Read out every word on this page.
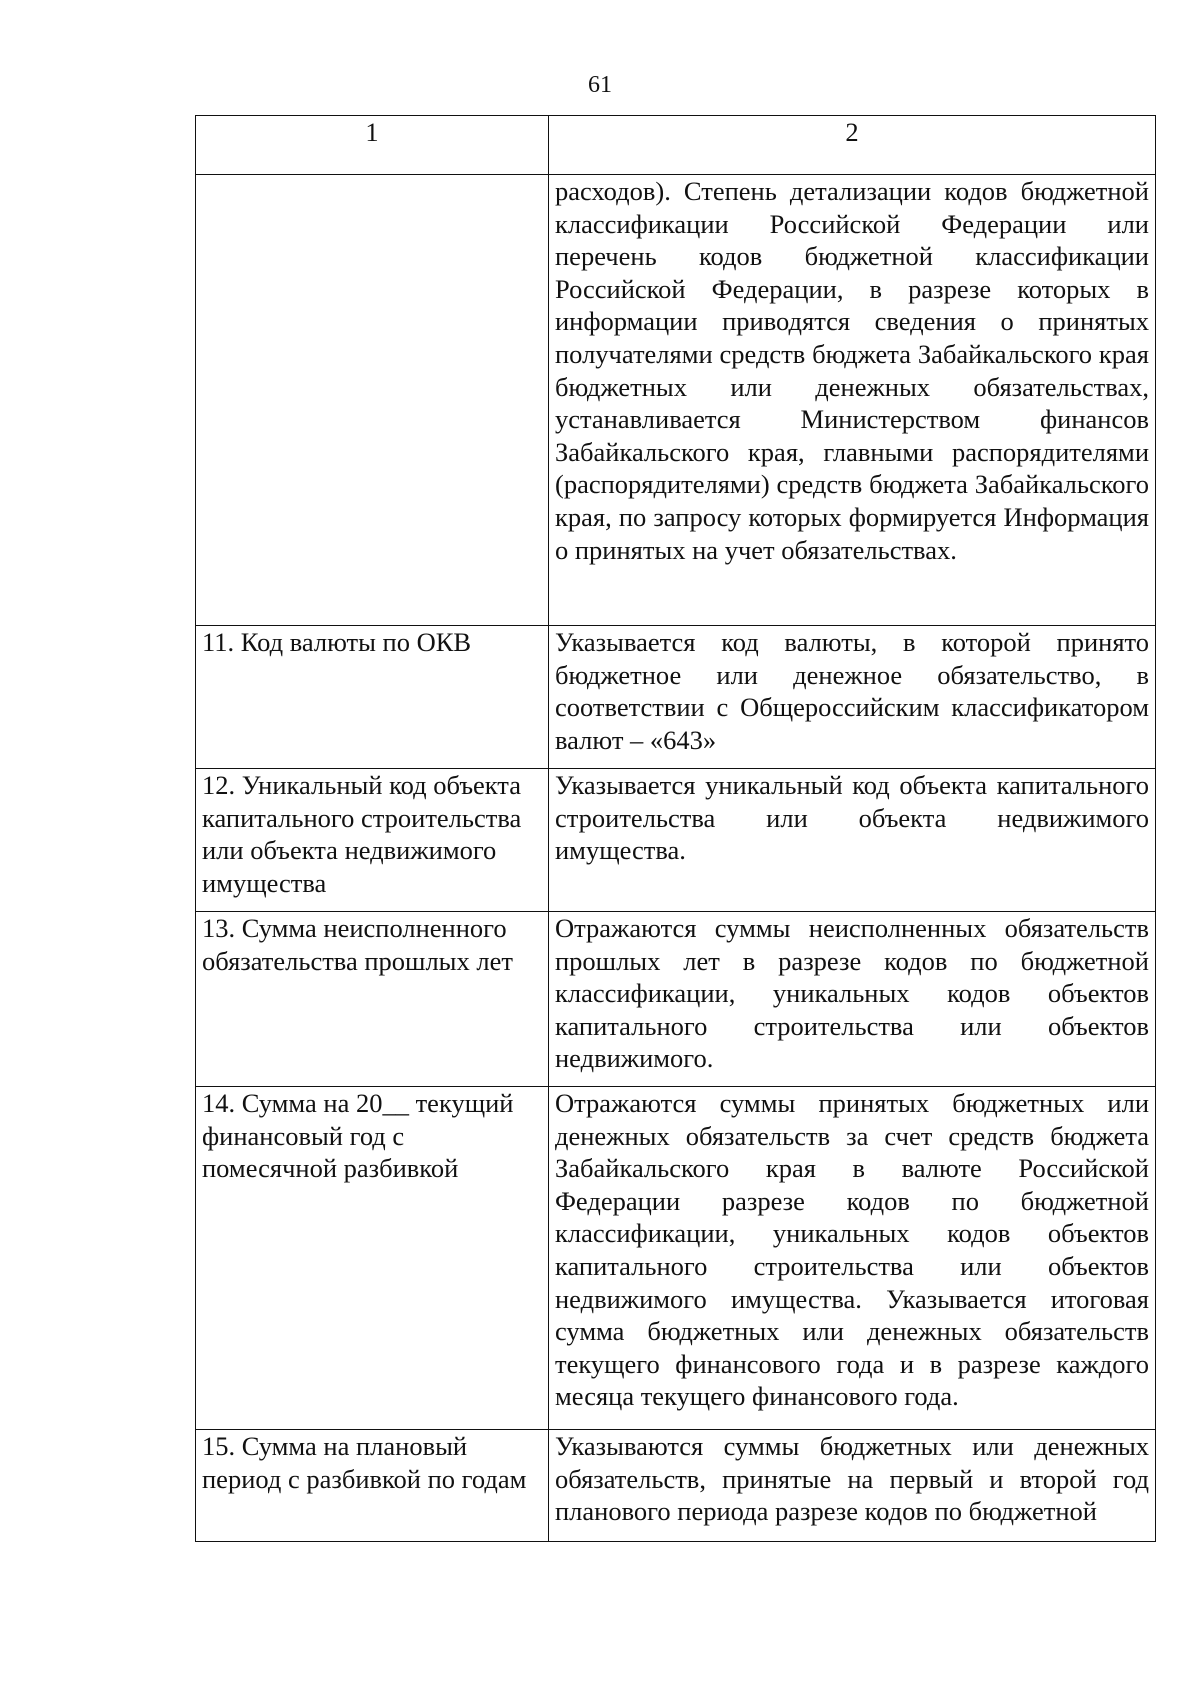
61
1	2
	расходов). Степень детализации кодов бюджетной классификации Российской Федерации или перечень кодов бюджетной классификации Российской Федерации, в разрезе которых в информации приводятся сведения о принятых получателями средств бюджета Забайкальского края бюджетных или денежных обязательствах, устанавливается Министерством финансов Забайкальского края, главными распорядителями (распорядителями) средств бюджета Забайкальского края, по запросу которых формируется Информация о принятых на учет обязательствах.
11. Код валюты по ОКВ	Указывается код валюты, в которой принято бюджетное или денежное обязательство, в соответствии с Общероссийским классификатором валют – «643»
12. Уникальный код объекта капитального строительства или объекта недвижимого имущества	Указывается уникальный код объекта капитального строительства или объекта недвижимого имущества.
13. Сумма неисполненного обязательства прошлых лет	Отражаются суммы неисполненных обязательств прошлых лет в разрезе кодов по бюджетной классификации, уникальных кодов объектов капитального строительства или объектов недвижимого.
14. Сумма на 20__ текущий финансовый год с помесячной разбивкой	Отражаются суммы принятых бюджетных или денежных обязательств за счет средств бюджета Забайкальского края в валюте Российской Федерации разрезе кодов по бюджетной классификации, уникальных кодов объектов капитального строительства или объектов недвижимого имущества. Указывается итоговая сумма бюджетных или денежных обязательств текущего финансового года и в разрезе каждого месяца текущего финансового года.
15. Сумма на плановый период с разбивкой по годам	Указываются суммы бюджетных или денежных обязательств, принятые на первый и второй год планового периода разрезе кодов по бюджетной
